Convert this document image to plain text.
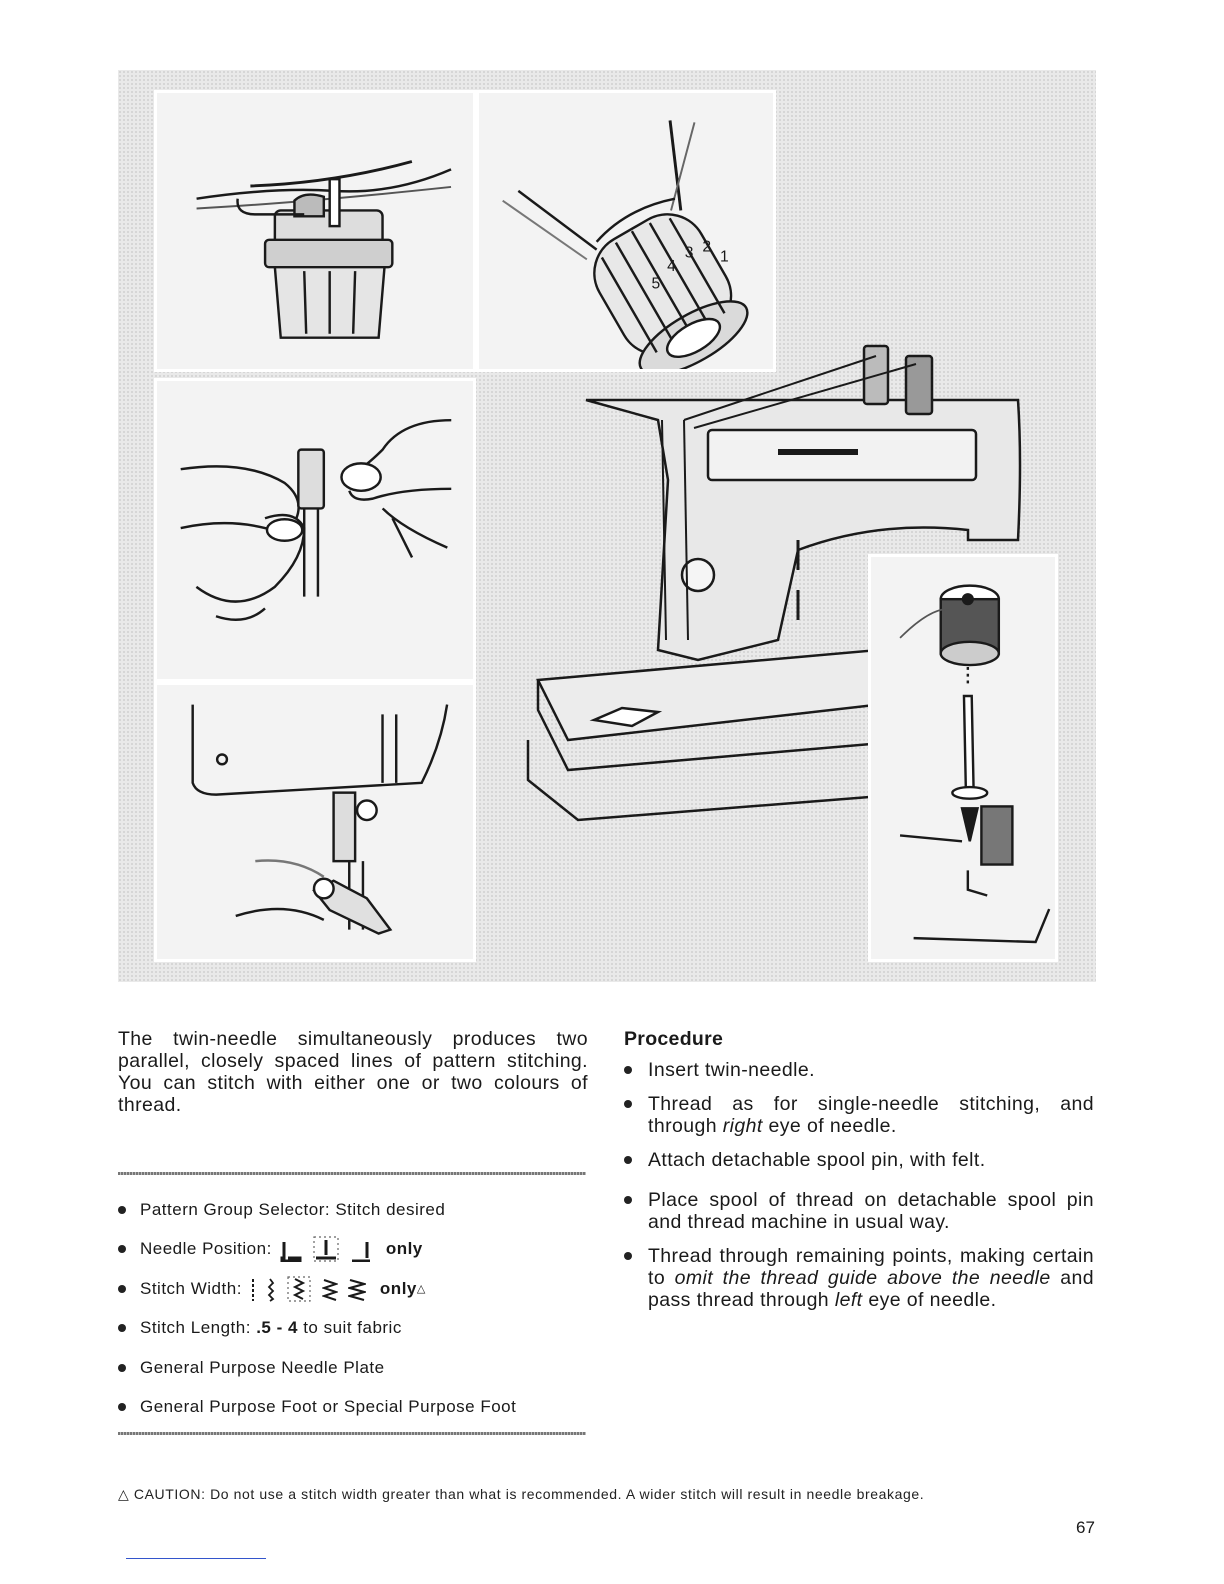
1
2
3
4
5

The twin-needle simultaneously produces two parallel, closely spaced lines of pattern stitching. You can stitch with either one or two colours of thread.

Pattern Group Selector:
Stitch desired
Needle Position:	only
Stitch Width:	only △
Stitch Length:
.5 - 4
to suit fabric
General Purpose Needle Plate
General Purpose Foot or Special Purpose Foot
Procedure
Insert twin-needle.
Thread as for single-needle stitching, and through right eye of needle.
Attach detachable spool pin, with felt.
Place spool of thread on detachable spool pin and thread machine in usual way.
Thread through remaining points, making certain to omit the thread guide above the needle and pass thread through left eye of needle.
△ CAUTION: Do not use a stitch width greater than what is recommended. A wider stitch will result in needle breakage.
67
